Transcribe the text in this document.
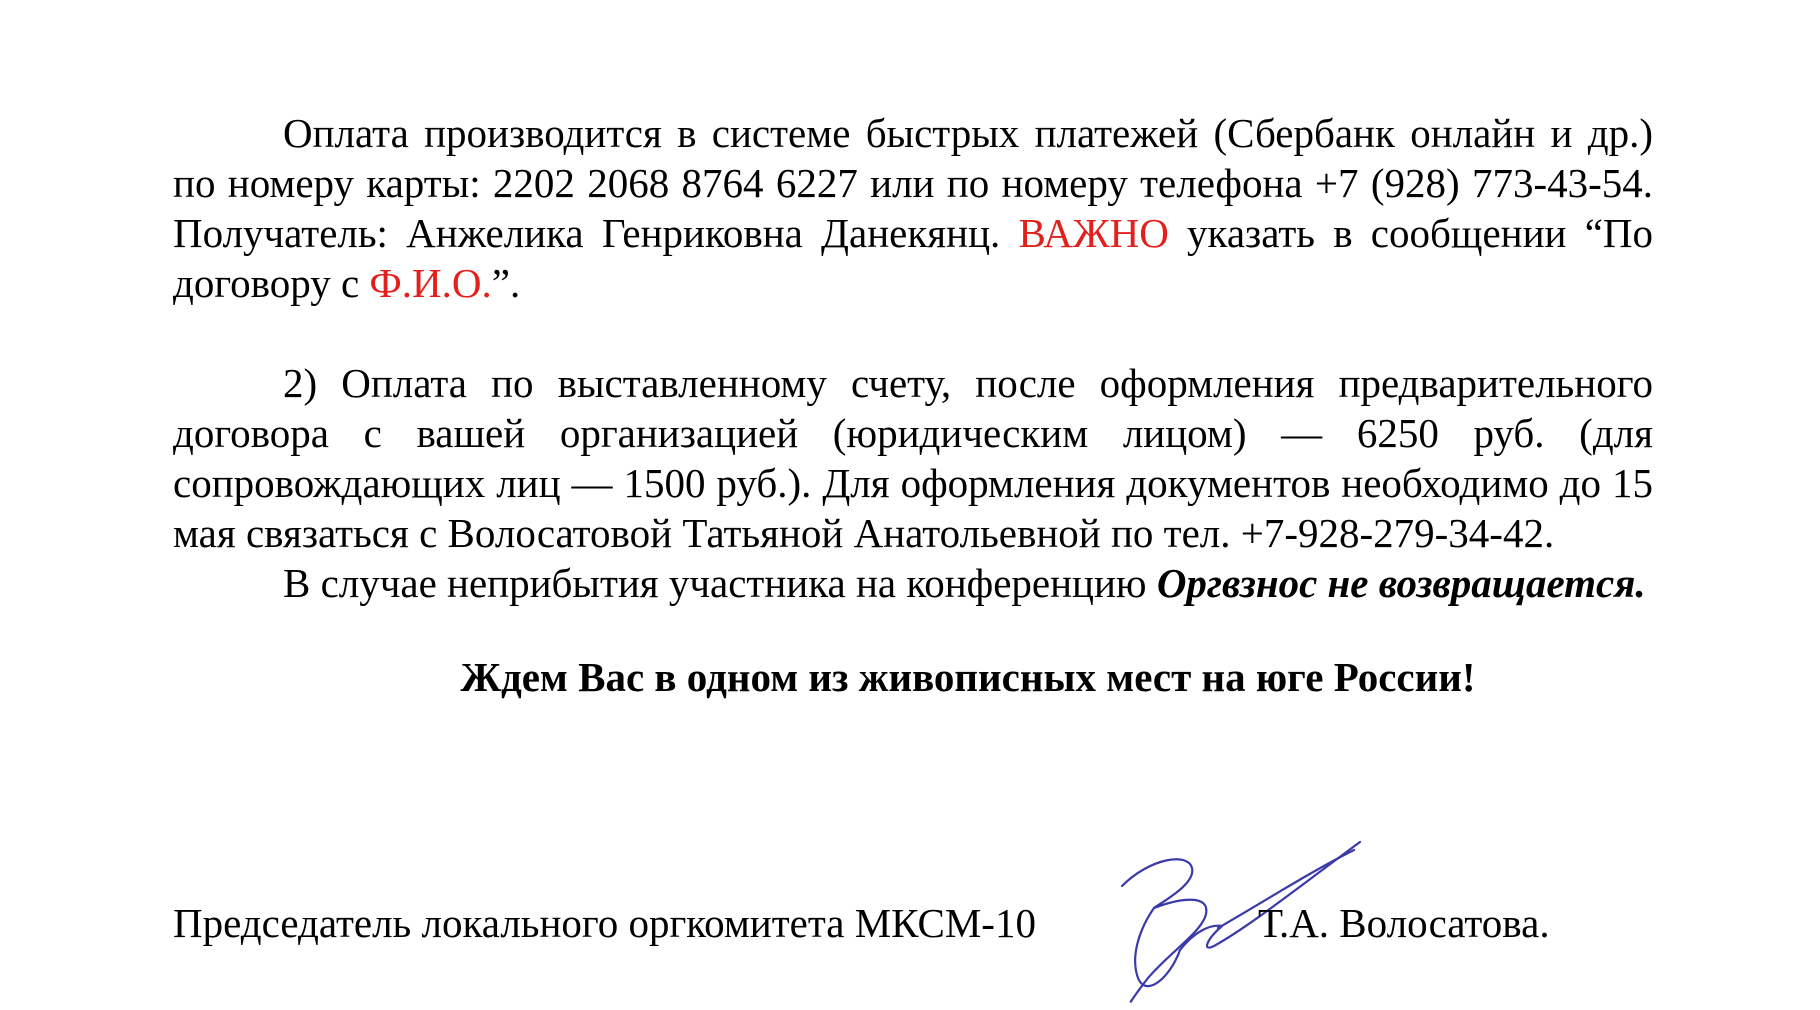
Оплата производится в системе быстрых платежей (Сбербанк онлайн и др.) по номеру карты: 2202 2068 8764 6227 или по номеру телефона +7 (928) 773-43-54. Получатель: Анжелика Генриковна Данекянц. ВАЖНО указать в сообщении “По договору с Ф.И.О.”.

2) Оплата по выставленному счету, после оформления предварительного договора с вашей организацией (юридическим лицом) — 6250 руб. (для сопровождающих лиц — 1500 руб.). Для оформления документов необходимо до 15 мая связаться с Волосатовой Татьяной Анатольевной по тел. +7-928-279-34-42.

В случае неприбытия участника на конференцию Оргвзнос не возвращается.

Ждем Вас в одном из живописных мест на юге России!

Председатель локального оргкомитета МКСМ-10	Т.А. Волосатова.
